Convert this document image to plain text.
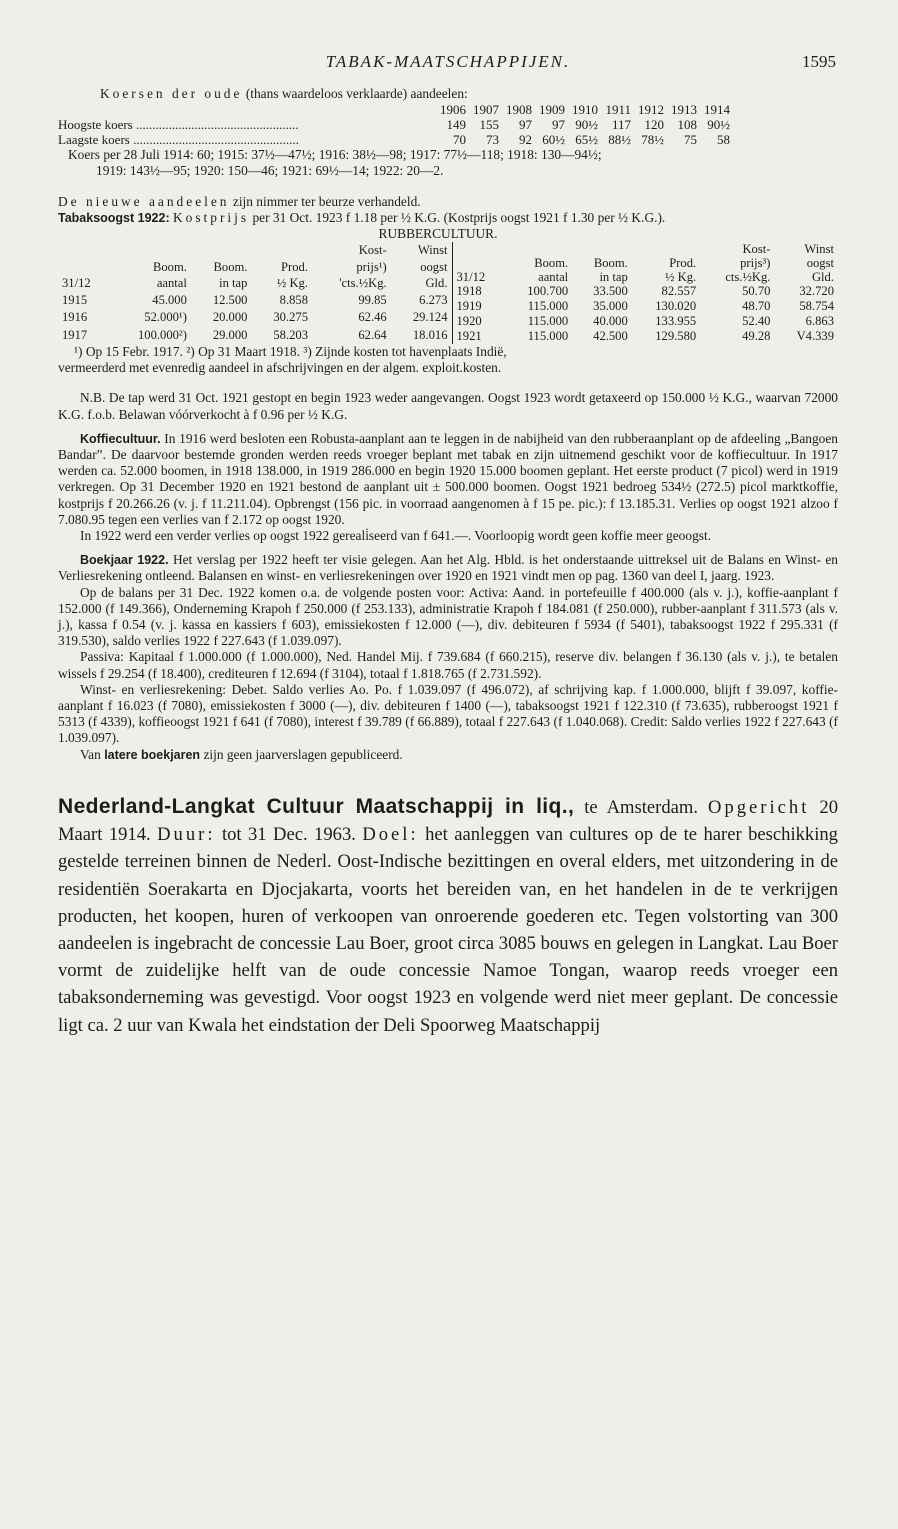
TABAK-MAATSCHAPPIJEN.	1595
Koersen der oude (thans waardeloos verklaarde) aandeelen:
	1906	1907	1908	1909	1910	1911	1912	1913	1914
Hoogste koers ..................................................	149	155	97	97	90½	117	120	108	90½
Laagste koers ...................................................	70	73	92	60½	65½	88½	78½	75	58
Koers per 28 Juli 1914: 60; 1915: 37½—47½; 1916: 38½—98; 1917: 77½—118; 1918: 130—94½;
1919: 143½—95; 1920: 150—46; 1921: 69½—14; 1922: 20—2.
De nieuwe aandeelen zijn nimmer ter beurze verhandeld.
Tabaksoogst 1922: Kostprijs per 31 Oct. 1923 f 1.18 per ½ K.G. (Kostprijs oogst 1921 f 1.30 per ½ K.G.).
RUBBERCULTUUR.
				Kost-	Winst
	Boom.	Boom.	Prod.	prijs¹)	oogst
31/12	aantal	in tap	½ Kg.	'cts.½Kg.	Gld.
1915	45.000	12.500	8.858	99.85	6.273
1916	52.000¹)	20.000	30.275	62.46	29.124
1917	100.000²)	29.000	58.203	62.64	18.016
				Kost-	Winst
	Boom.	Boom.	Prod.	prijs³)	oogst
31/12	aantal	in tap	½ Kg.	cts.½Kg.	Gld.
1918	100.700	33.500	82.557	50.70	32.720
1919	115.000	35.000	130.020	48.70	58.754
1920	115.000	40.000	133.955	52.40	6.863
1921	115.000	42.500	129.580	49.28	V4.339
¹) Op 15 Febr. 1917. ²) Op 31 Maart 1918. ³) Zijnde kosten tot havenplaats Indië,
vermeerderd met evenredig aandeel in afschrijvingen en der algem. exploit.kosten.

N.B. De tap werd 31 Oct. 1921 gestopt en begin 1923 weder aangevangen. Oogst 1923 wordt getaxeerd op 150.000 ½ K.G., waarvan 72000 K.G. f.o.b. Belawan vóórverkocht à f 0.96 per ½ K.G.

Koffiecultuur. In 1916 werd besloten een Robusta-aanplant aan te leggen in de nabijheid van den rubberaanplant op de afdeeling „Bangoen Bandar”. De daarvoor bestemde gronden werden reeds vroeger beplant met tabak en zijn uitnemend geschikt voor de koffiecultuur. In 1917 werden ca. 52.000 boomen, in 1918 138.000, in 1919 286.000 en begin 1920 15.000 boomen geplant. Het eerste product (7 picol) werd in 1919 verkregen. Op 31 December 1920 en 1921 bestond de aanplant uit ± 500.000 boomen. Oogst 1921 bedroeg 534½ (272.5) picol marktkoffie, kostprijs f 20.266.26 (v. j. f 11.211.04). Opbrengst (156 pic. in voorraad aangenomen à f 15 pe. pic.): f 13.185.31. Verlies op oogst 1921 alzoo f 7.080.95 tegen een verlies van f 2.172 op oogst 1920.

In 1922 werd een verder verlies op oogst 1922 gereali̇seerd van f 641.—. Voorloopig wordt geen koffie meer geoogst.

Boekjaar 1922. Het verslag per 1922 heeft ter visie gelegen. Aan het Alg. Hbld. is het onderstaande uittreksel uit de Balans en Winst- en Verliesrekening ontleend. Balansen en winst- en verliesrekeningen over 1920 en 1921 vindt men op pag. 1360 van deel I, jaarg. 1923.

Op de balans per 31 Dec. 1922 komen o.a. de volgende posten voor: Activa: Aand. in portefeuille f 400.000 (als v. j.), koffie-aanplant f 152.000 (f 149.366), Onderneming Krapoh f 250.000 (f 253.133), administratie Krapoh f 184.081 (f 250.000), rubber-aanplant f 311.573 (als v. j.), kassa f 0.54 (v. j. kassa en kassiers f 603), emissiekosten f 12.000 (—), div. debiteuren f 5934 (f 5401), tabaksoogst 1922 f 295.331 (f 319.530), saldo verlies 1922 f 227.643 (f 1.039.097).

Passiva: Kapitaal f 1.000.000 (f 1.000.000), Ned. Handel Mij. f 739.684 (f 660.215), reserve div. belangen f 36.130 (als v. j.), te betalen wissels f 29.254 (f 18.400), crediteuren f 12.694 (f 3104), totaal f 1.818.765 (f 2.731.592).

Winst- en verliesrekening: Debet. Saldo verlies Ao. Po. f 1.039.097 (f 496.072), af schrijving kap. f 1.000.000, blijft f 39.097, koffie-aanplant f 16.023 (f 7080), emissiekosten f 3000 (—), div. debiteuren f 1400 (—), tabaksoogst 1921 f 122.310 (f 73.635), rubberoogst 1921 f 5313 (f 4339), koffieoogst 1921 f 641 (f 7080), interest f 39.789 (f 66.889), totaal f 227.643 (f 1.040.068). Credit: Saldo verlies 1922 f 227.643 (f 1.039.097).

Van latere boekjaren zijn geen jaarverslagen gepubliceerd.

Nederland-Langkat Cultuur Maatschappij in liq., te Amsterdam. Opgericht 20 Maart 1914. Duur: tot 31 Dec. 1963. Doel: het aanleggen van cultures op de te harer beschikking gestelde terreinen binnen de Nederl. Oost-Indische bezittingen en overal elders, met uitzondering in de residentiën Soerakarta en Djocjakarta, voorts het bereiden van, en het handelen in de te verkrijgen producten, het koopen, huren of verkoopen van onroerende goederen etc. Tegen volstorting van 300 aandeelen is ingebracht de concessie Lau Boer, groot circa 3085 bouws en gelegen in Langkat. Lau Boer vormt de zuidelijke helft van de oude concessie Namoe Tongan, waarop reeds vroeger een tabaksonderneming was gevestigd. Voor oogst 1923 en volgende werd niet meer geplant. De concessie ligt ca. 2 uur van Kwala het eindstation der Deli Spoorweg Maatschappij
